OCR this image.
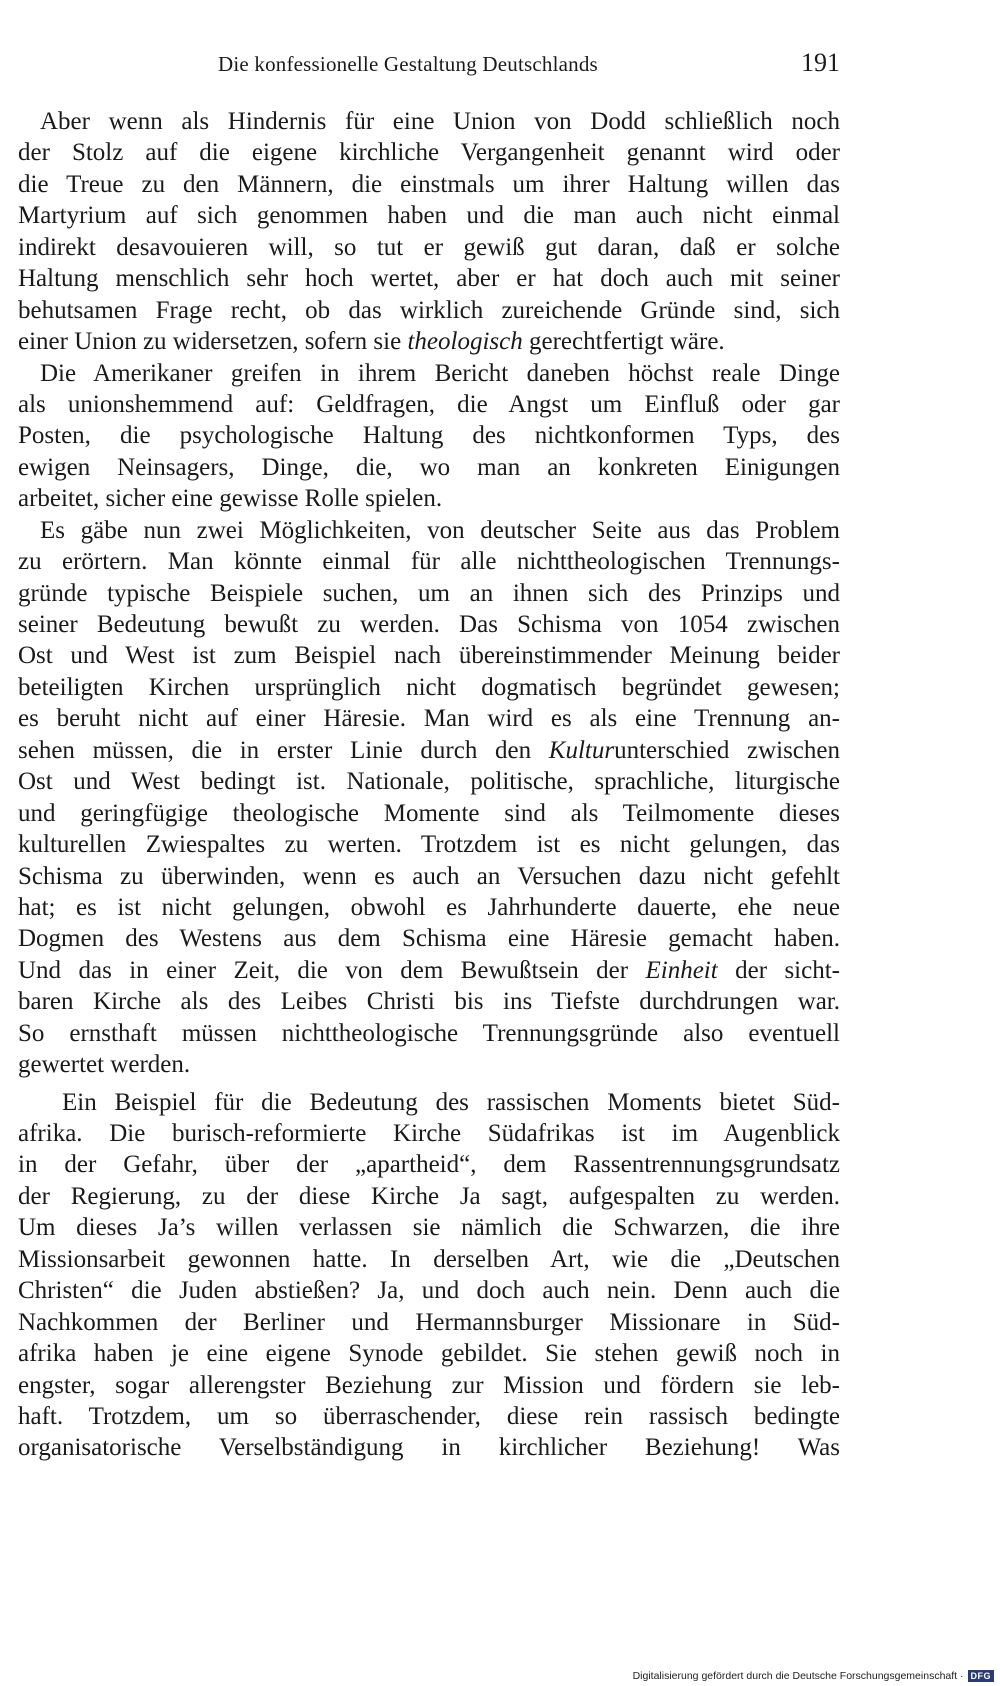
Die konfessionelle Gestaltung Deutschlands	191
Aber wenn als Hindernis für eine Union von Dodd schließlich noch
der Stolz auf die eigene kirchliche Vergangenheit genannt wird oder
die Treue zu den Männern, die einstmals um ihrer Haltung willen das
Martyrium auf sich genommen haben und die man auch nicht einmal
indirekt desavouieren will, so tut er gewiß gut daran, daß er solche
Haltung menschlich sehr hoch wertet, aber er hat doch auch mit seiner
behutsamen Frage recht, ob das wirklich zureichende Gründe sind, sich
einer Union zu widersetzen, sofern sie theologisch gerechtfertigt wäre.
Die Amerikaner greifen in ihrem Bericht daneben höchst reale Dinge
als unionshemmend auf: Geldfragen, die Angst um Einfluß oder gar
Posten, die psychologische Haltung des nichtkonformen Typs, des
ewigen Neinsagers, Dinge, die, wo man an konkreten Einigungen
arbeitet, sicher eine gewisse Rolle spielen.
Es gäbe nun zwei Möglichkeiten, von deutscher Seite aus das Problem
zu erörtern. Man könnte einmal für alle nichttheologischen Trennungs-
gründe typische Beispiele suchen, um an ihnen sich des Prinzips und
seiner Bedeutung bewußt zu werden. Das Schisma von 1054 zwischen
Ost und West ist zum Beispiel nach übereinstimmender Meinung beider
beteiligten Kirchen ursprünglich nicht dogmatisch begründet gewesen;
es beruht nicht auf einer Häresie. Man wird es als eine Trennung an-
sehen müssen, die in erster Linie durch den Kulturunterschied zwischen
Ost und West bedingt ist. Nationale, politische, sprachliche, liturgische
und geringfügige theologische Momente sind als Teilmomente dieses
kulturellen Zwiespaltes zu werten. Trotzdem ist es nicht gelungen, das
Schisma zu überwinden, wenn es auch an Versuchen dazu nicht gefehlt
hat; es ist nicht gelungen, obwohl es Jahrhunderte dauerte, ehe neue
Dogmen des Westens aus dem Schisma eine Häresie gemacht haben.
Und das in einer Zeit, die von dem Bewußtsein der Einheit der sicht-
baren Kirche als des Leibes Christi bis ins Tiefste durchdrungen war.
So ernsthaft müssen nichttheologische Trennungsgründe also eventuell
gewertet werden.
Ein Beispiel für die Bedeutung des rassischen Moments bietet Süd-
afrika. Die burisch-reformierte Kirche Südafrikas ist im Augenblick
in der Gefahr, über der „apartheid“, dem Rassentrennungsgrundsatz
der Regierung, zu der diese Kirche Ja sagt, aufgespalten zu werden.
Um dieses Ja’s willen verlassen sie nämlich die Schwarzen, die ihre
Missionsarbeit gewonnen hatte. In derselben Art, wie die „Deutschen
Christen“ die Juden abstießen? Ja, und doch auch nein. Denn auch die
Nachkommen der Berliner und Hermannsburger Missionare in Süd-
afrika haben je eine eigene Synode gebildet. Sie stehen gewiß noch in
engster, sogar allerengster Beziehung zur Mission und fördern sie leb-
haft. Trotzdem, um so überraschender, diese rein rassisch bedingte
organisatorische Verselbständigung in kirchlicher Beziehung! Was
Digitalisierung gefördert durch die Deutsche Forschungsgemeinschaft · DFG
